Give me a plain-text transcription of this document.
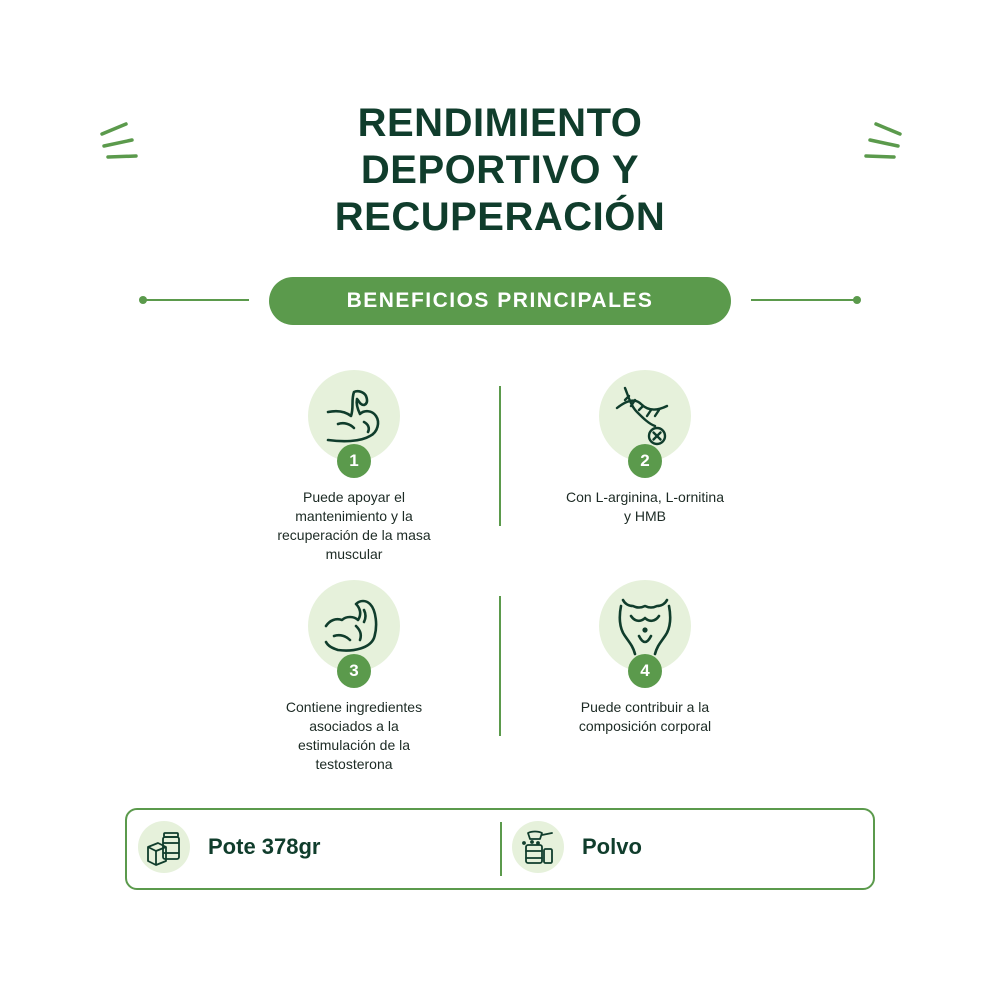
RENDIMIENTO
DEPORTIVO Y
RECUPERACIÓN
BENEFICIOS PRINCIPALES
1
Puede apoyar el mantenimiento y la recuperación de la masa muscular
2
Con L-arginina, L-ornitina y HMB
3
Contiene ingredientes asociados a la estimulación de la testosterona
4
Puede contribuir a la composición corporal
Pote 378gr	Polvo
